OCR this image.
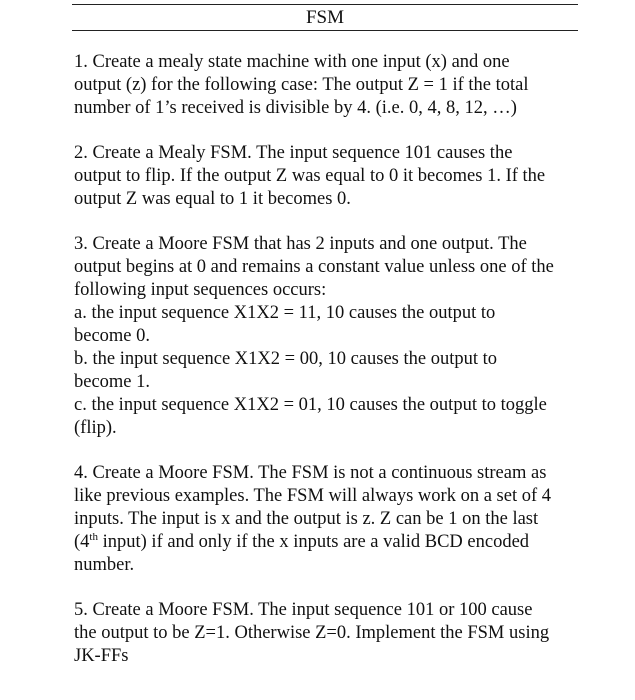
FSM
1. Create a mealy state machine with one input (x) and one
output (z) for the following case: The output Z = 1 if the total
number of 1’s received is divisible by 4. (i.e. 0, 4, 8, 12, …)
2. Create a Mealy FSM. The input sequence 101 causes the
output to flip. If the output Z was equal to 0 it becomes 1. If the
output Z was equal to 1 it becomes 0.
3. Create a Moore FSM that has 2 inputs and one output. The
output begins at 0 and remains a constant value unless one of the
following input sequences occurs:
a. the input sequence X1X2 = 11, 10 causes the output to
become 0.
b. the input sequence X1X2 = 00, 10 causes the output to
become 1.
c. the input sequence X1X2 = 01, 10 causes the output to toggle
(flip).
4. Create a Moore FSM. The FSM is not a continuous stream as
like previous examples. The FSM will always work on a set of 4
inputs. The input is x and the output is z. Z can be 1 on the last
(4th input) if and only if the x inputs are a valid BCD encoded
number.
5. Create a Moore FSM. The input sequence 101 or 100 cause
the output to be Z=1. Otherwise Z=0. Implement the FSM using
JK-FFs
